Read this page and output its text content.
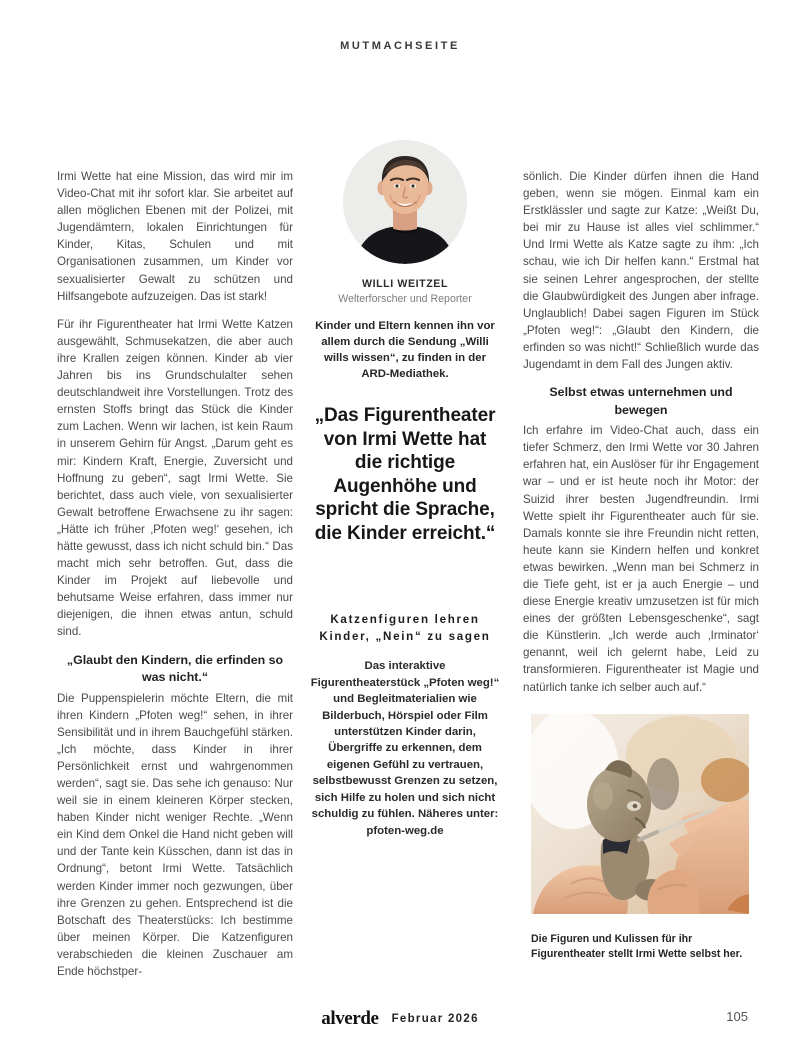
MUTMACHSEITE

Irmi Wette hat eine Mission, das wird mir im Video-Chat mit ihr sofort klar. Sie arbeitet auf allen möglichen Ebenen mit der Polizei, mit Jugendämtern, lokalen Einrichtungen für Kinder, Kitas, Schulen und mit Organisationen zusammen, um Kinder vor sexualisierter Gewalt zu schützen und Hilfsangebote aufzuzeigen. Das ist stark!

Für ihr Figurentheater hat Irmi Wette Katzen ausgewählt, Schmusekatzen, die aber auch ihre Krallen zeigen können. Kinder ab vier Jahren bis ins Grundschulalter sehen deutschlandweit ihre Vorstellungen. Trotz des ernsten Stoffs bringt das Stück die Kinder zum Lachen. Wenn wir lachen, ist kein Raum in unserem Gehirn für Angst. „Darum geht es mir: Kindern Kraft, Energie, Zuversicht und Hoffnung zu geben“, sagt Irmi Wette. Sie berichtet, dass auch viele, von sexualisierter Gewalt betroffene Erwachsene zu ihr sagen: „Hätte ich früher ‚Pfoten weg!‘ gesehen, ich hätte gewusst, dass ich nicht schuld bin.“ Das macht mich sehr betroffen. Gut, dass die Kinder im Projekt auf liebevolle und behutsame Weise erfahren, dass immer nur diejenigen, die ihnen etwas antun, schuld sind.

„Glaubt den Kindern, die erfinden so was nicht.“

Die Puppenspielerin möchte Eltern, die mit ihren Kindern „Pfoten weg!“ sehen, in ihrer Sensibilität und in ihrem Bauchgefühl stärken. „Ich möchte, dass Kinder in ihrer Persönlichkeit ernst und wahrgenommen werden“, sagt sie. Das sehe ich genauso: Nur weil sie in einem kleineren Körper stecken, haben Kinder nicht weniger Rechte. „Wenn ein Kind dem Onkel die Hand nicht geben will und der Tante kein Küsschen, dann ist das in Ordnung“, betont Irmi Wette. Tatsächlich werden Kinder immer noch gezwungen, über ihre Grenzen zu gehen. Entsprechend ist die Botschaft des Theaterstücks: Ich bestimme über meinen Körper. Die Katzenfiguren verabschieden die kleinen Zuschauer am Ende höchstper-

WILLI WEITZEL
Welterforscher und Reporter
Kinder und Eltern kennen ihn vor allem durch die Sendung „Willi wills wissen“, zu finden in der ARD-Mediathek.
„Das Figurentheater von Irmi Wette hat die richtige Augenhöhe und spricht die Sprache, die Kinder erreicht.“
Katzenfiguren lehren Kinder, „Nein“ zu sagen
Das interaktive Figurentheaterstück „Pfoten weg!“ und Begleitmaterialien wie Bilderbuch, Hörspiel oder Film unterstützen Kinder darin, Übergriffe zu erkennen, dem eigenen Gefühl zu vertrauen, selbstbewusst Grenzen zu setzen, sich Hilfe zu holen und sich nicht schuldig zu fühlen. Näheres unter:
pfoten-weg.de

sönlich. Die Kinder dürfen ihnen die Hand geben, wenn sie mögen. Einmal kam ein Erstklässler und sagte zur Katze: „Weißt Du, bei mir zu Hause ist alles viel schlimmer.“ Und Irmi Wette als Katze sagte zu ihm: „Ich schau, wie ich Dir helfen kann.“ Erstmal hat sie seinen Lehrer angesprochen, der stellte die Glaubwürdigkeit des Jungen aber infrage. Unglaublich! Dabei sagen Figuren im Stück „Pfoten weg!“: „Glaubt den Kindern, die erfinden so was nicht!“ Schließlich wurde das Jugendamt in dem Fall des Jungen aktiv.

Selbst etwas unternehmen und bewegen

Ich erfahre im Video-Chat auch, dass ein tiefer Schmerz, den Irmi Wette vor 30 Jahren erfahren hat, ein Auslöser für ihr Engagement war – und er ist heute noch ihr Motor: der Suizid ihrer besten Jugendfreundin. Irmi Wette spielt ihr Figurentheater auch für sie. Damals konnte sie ihre Freundin nicht retten, heute kann sie Kindern helfen und konkret etwas bewirken. „Wenn man bei Schmerz in die Tiefe geht, ist er ja auch Energie – und diese Energie kreativ umzusetzen ist für mich eines der größten Lebensgeschenke“, sagt die Künstlerin. „Ich werde auch ‚Irminator‘ genannt, weil ich gelernt habe, Leid zu transformieren. Figurentheater ist Magie und natürlich tanke ich selber auch auf.“

Die Figuren und Kulissen für ihr Figurentheater stellt Irmi Wette selbst her.
alverde Februar 2026	105
